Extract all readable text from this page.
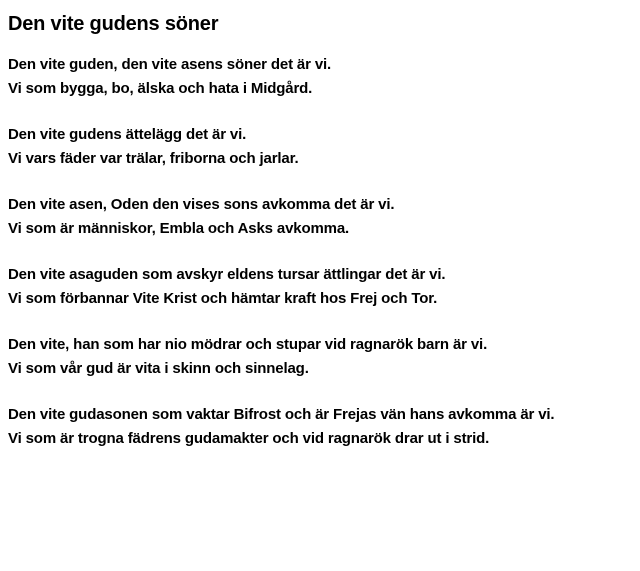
Den vite gudens söner

Den vite guden, den vite asens söner det är vi.
Vi som bygga, bo, älska och hata i Midgård.

Den vite gudens ättelägg det är vi.
Vi vars fäder var trälar, friborna och jarlar.

Den vite asen, Oden den vises sons avkomma det är vi.
Vi som är människor, Embla och Asks avkomma.

Den vite asaguden som avskyr eldens tursar ättlingar det är vi.
Vi som förbannar Vite Krist och hämtar kraft hos Frej och Tor.

Den vite, han som har nio mödrar och stupar vid ragnarök barn är vi.
Vi som vår gud är vita i skinn och sinnelag.

Den vite gudasonen som vaktar Bifrost och är Frejas vän hans avkomma är vi.
Vi som är trogna fädrens gudamakter och vid ragnarök drar ut i strid.
